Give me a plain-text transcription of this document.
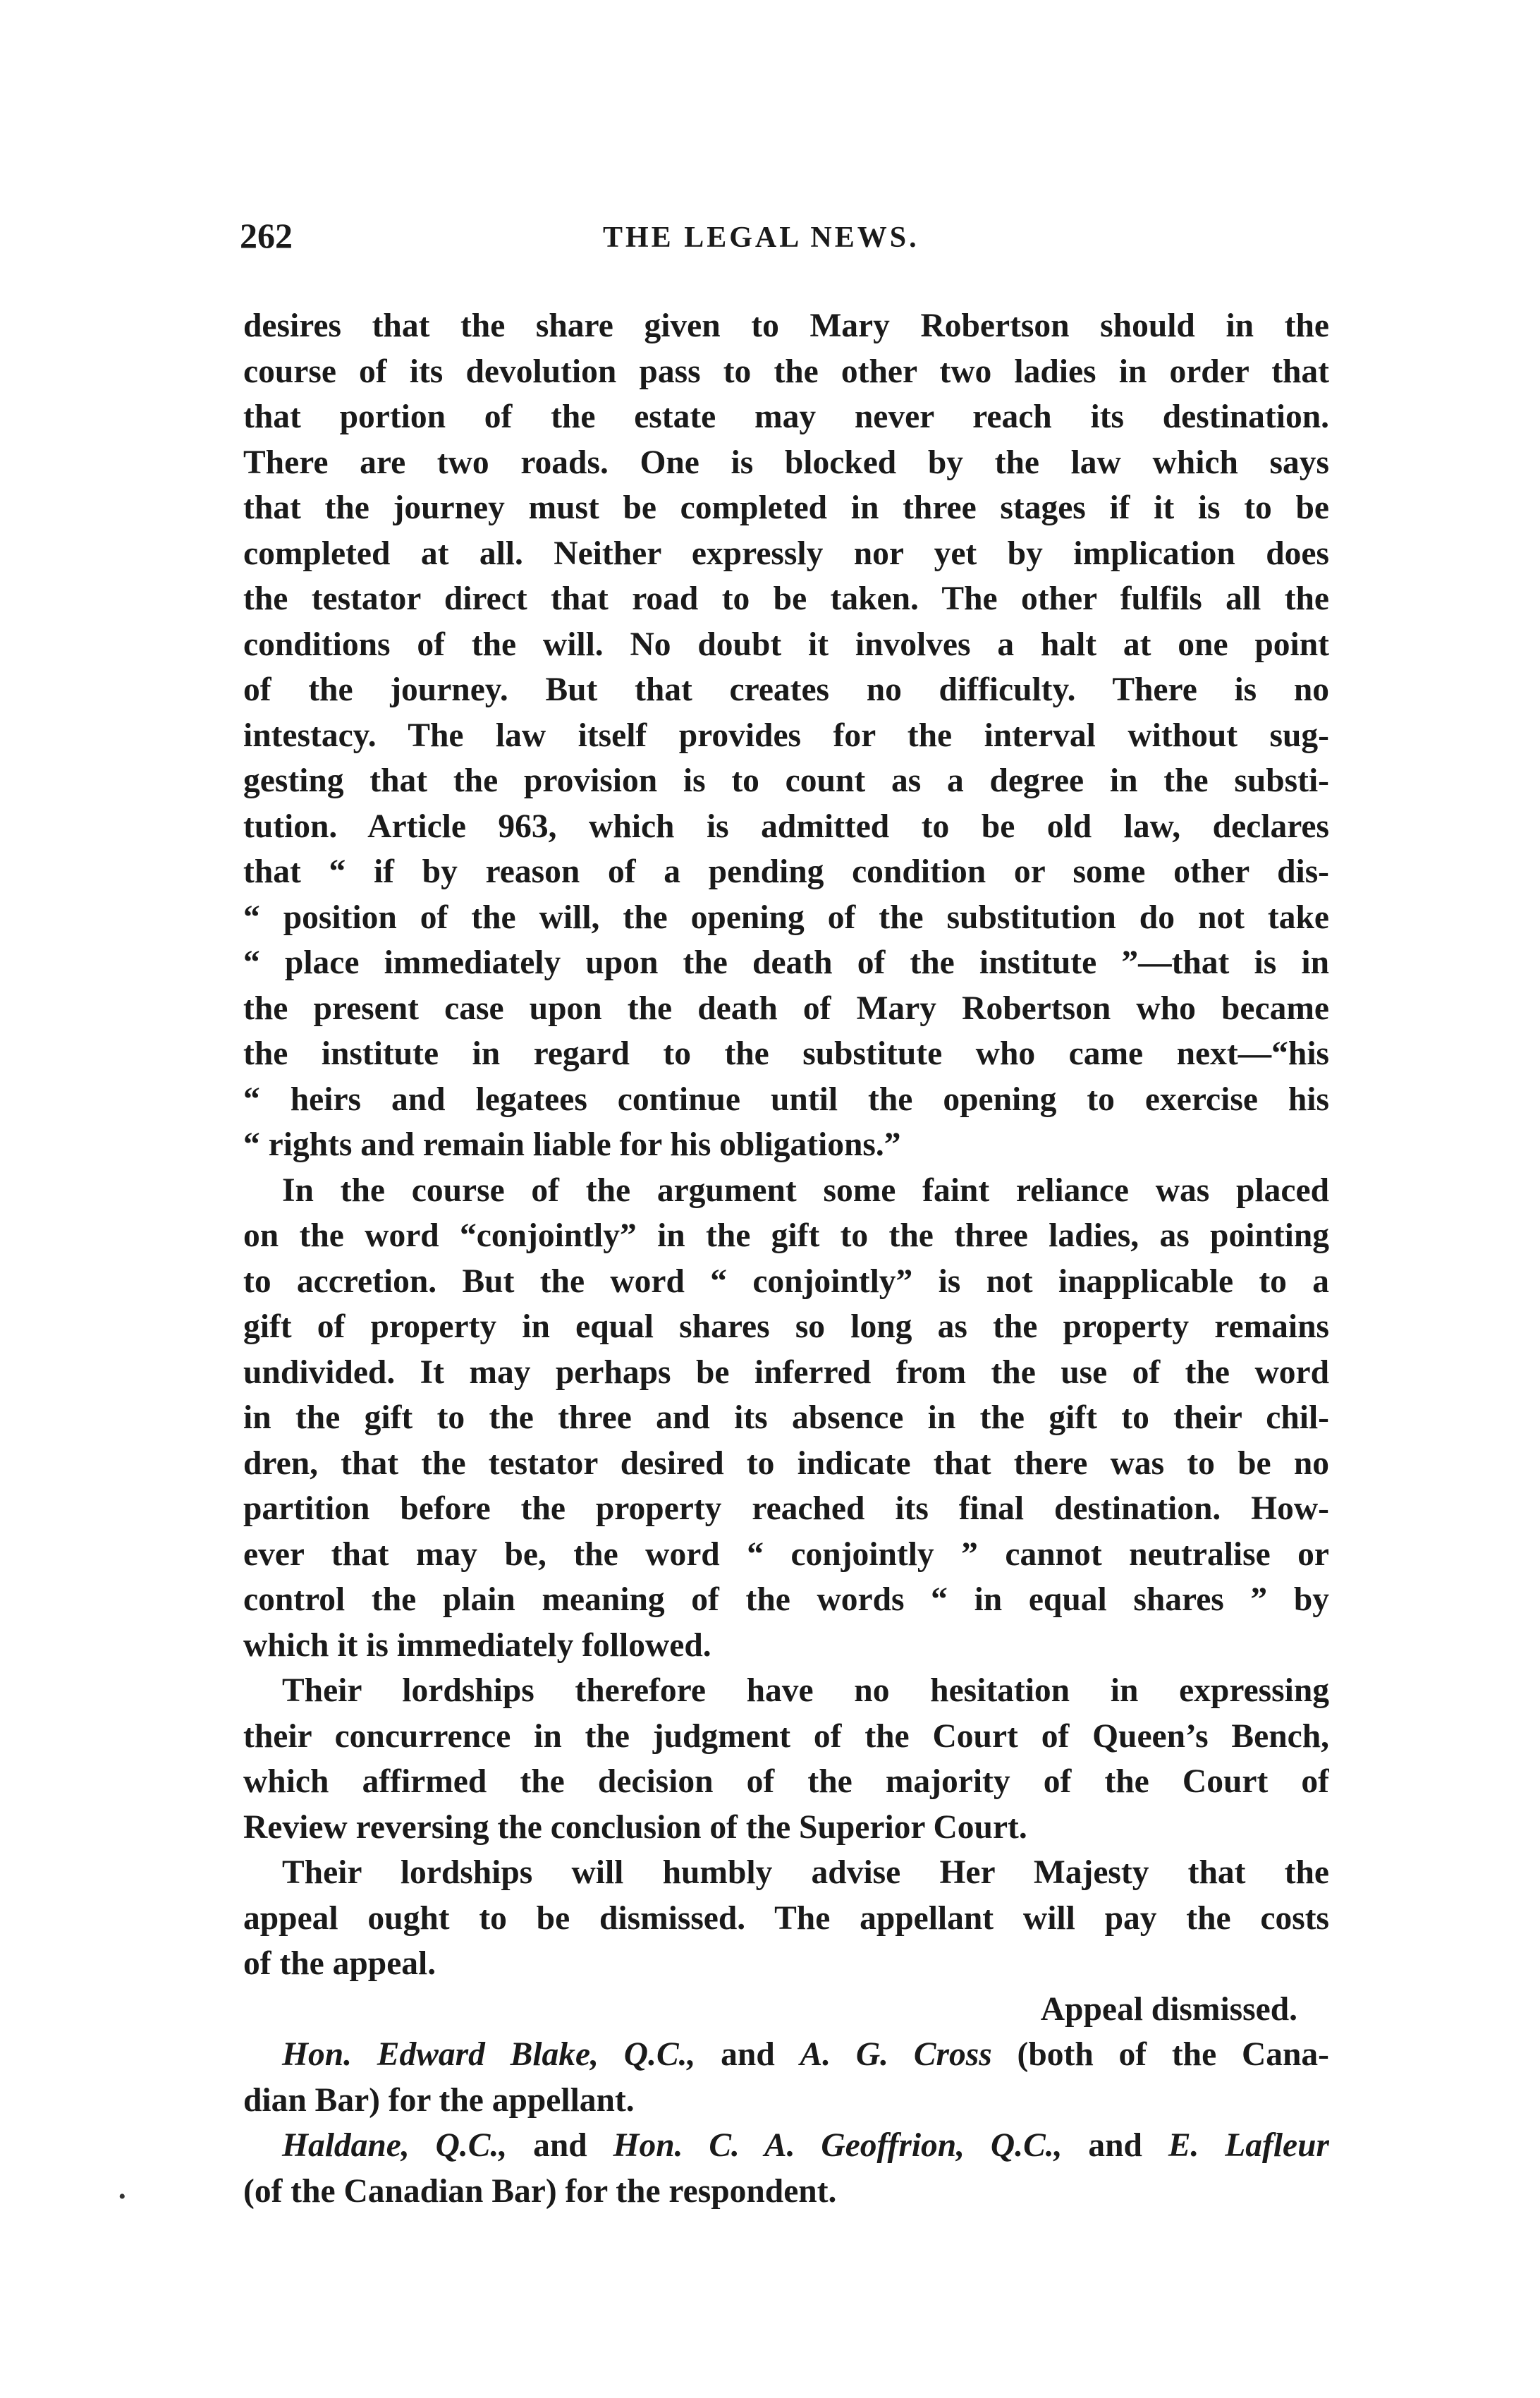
262	THE LEGAL NEWS.
desires that the share given to Mary Robertson should in the
course of its devolution pass to the other two ladies in order that
that portion of the estate may never reach its destination.
There are two roads. One is blocked by the law which says
that the journey must be completed in three stages if it is to be
completed at all. Neither expressly nor yet by implication does
the testator direct that road to be taken. The other fulfils all the
conditions of the will. No doubt it involves a halt at one point
of the journey. But that creates no difficulty. There is no
intestacy. The law itself provides for the interval without sug-
gesting that the provision is to count as a degree in the substi-
tution. Article 963, which is admitted to be old law, declares
that “ if by reason of a pending condition or some other dis-
“ position of the will, the opening of the substitution do not take
“ place immediately upon the death of the institute ”—that is in
the present case upon the death of Mary Robertson who became
the institute in regard to the substitute who came next—“his
“ heirs and legatees continue until the opening to exercise his
“ rights and remain liable for his obligations.”
In the course of the argument some faint reliance was placed
on the word “conjointly” in the gift to the three ladies, as pointing
to accretion. But the word “ conjointly” is not inapplicable to a
gift of property in equal shares so long as the property remains
undivided. It may perhaps be inferred from the use of the word
in the gift to the three and its absence in the gift to their chil-
dren, that the testator desired to indicate that there was to be no
partition before the property reached its final destination. How-
ever that may be, the word “ conjointly ” cannot neutralise or
control the plain meaning of the words “ in equal shares ” by
which it is immediately followed.
Their lordships therefore have no hesitation in expressing
their concurrence in the judgment of the Court of Queen’s Bench,
which affirmed the decision of the majority of the Court of
Review reversing the conclusion of the Superior Court.
Their lordships will humbly advise Her Majesty that the
appeal ought to be dismissed. The appellant will pay the costs
of the appeal.
Appeal dismissed.
Hon. Edward Blake, Q.C., and A. G. Cross (both of the Cana-
dian Bar) for the appellant.
Haldane, Q.C., and Hon. C. A. Geoffrion, Q.C., and E. Lafleur
(of the Canadian Bar) for the respondent.
•
